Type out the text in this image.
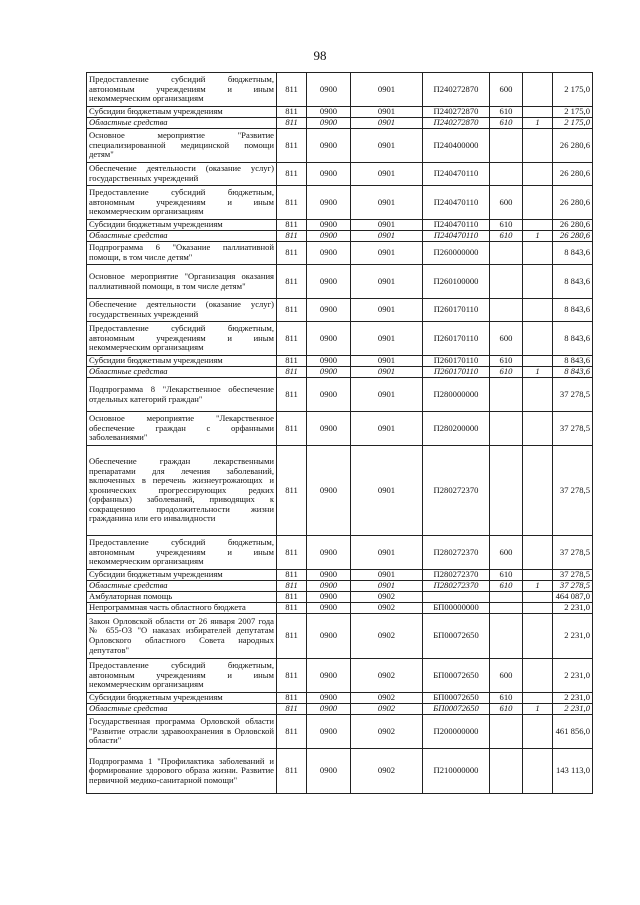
98
Предоставление субсидий бюджетным, автономным учреждениям и иным некоммерческим организациям	811	0900	0901	П240272870	600		2 175,0
Субсидии бюджетным учреждениям	811	0900	0901	П240272870	610		2 175,0
Областные средства	811	0900	0901	П240272870	610	1	2 175,0
Основное мероприятие "Развитие специализированной медицинской помощи детям"	811	0900	0901	П240400000			26 280,6
Обеспечение деятельности (оказание услуг) государственных учреждений	811	0900	0901	П240470110			26 280,6
Предоставление субсидий бюджетным, автономным учреждениям и иным некоммерческим организациям	811	0900	0901	П240470110	600		26 280,6
Субсидии бюджетным учреждениям	811	0900	0901	П240470110	610		26 280,6
Областные средства	811	0900	0901	П240470110	610	1	26 280,6
Подпрограмма 6 "Оказание паллиативной помощи, в том числе детям"	811	0900	0901	П260000000			8 843,6
Основное мероприятие "Организация оказания паллиативной помощи, в том числе детям"	811	0900	0901	П260100000			8 843,6
Обеспечение деятельности (оказание услуг) государственных учреждений	811	0900	0901	П260170110			8 843,6
Предоставление субсидий бюджетным, автономным учреждениям и иным некоммерческим организациям	811	0900	0901	П260170110	600		8 843,6
Субсидии бюджетным учреждениям	811	0900	0901	П260170110	610		8 843,6
Областные средства	811	0900	0901	П260170110	610	1	8 843,6
Подпрограмма 8 "Лекарственное обеспечение отдельных категорий граждан"	811	0900	0901	П280000000			37 278,5
Основное мероприятие "Лекарственное обеспечение граждан с орфанными заболеваниями"	811	0900	0901	П280200000			37 278,5
Обеспечение граждан лекарственными препаратами для лечения заболеваний, включенных в перечень жизнеугрожающих и хронических прогрессирующих редких (орфанных) заболеваний, приводящих к сокращению продолжительности жизни гражданина или его инвалидности	811	0900	0901	П280272370			37 278,5
Предоставление субсидий бюджетным, автономным учреждениям и иным некоммерческим организациям	811	0900	0901	П280272370	600		37 278,5
Субсидии бюджетным учреждениям	811	0900	0901	П280272370	610		37 278,5
Областные средства	811	0900	0901	П280272370	610	1	37 278,5
Амбулаторная помощь	811	0900	0902				464 087,0
Непрограммная часть областного бюджета	811	0900	0902	БП00000000			2 231,0
Закон Орловской области от 26 января 2007 года № 655-ОЗ "О наказах избирателей депутатам Орловского областного Совета народных депутатов"	811	0900	0902	БП00072650			2 231,0
Предоставление субсидий бюджетным, автономным учреждениям и иным некоммерческим организациям	811	0900	0902	БП00072650	600		2 231,0
Субсидии бюджетным учреждениям	811	0900	0902	БП00072650	610		2 231,0
Областные средства	811	0900	0902	БП00072650	610	1	2 231,0
Государственная программа Орловской области "Развитие отрасли здравоохранения в Орловской области"	811	0900	0902	П200000000			461 856,0
Подпрограмма 1 "Профилактика заболеваний и формирование здорового образа жизни. Развитие первичной медико-санитарной помощи"	811	0900	0902	П210000000			143 113,0
